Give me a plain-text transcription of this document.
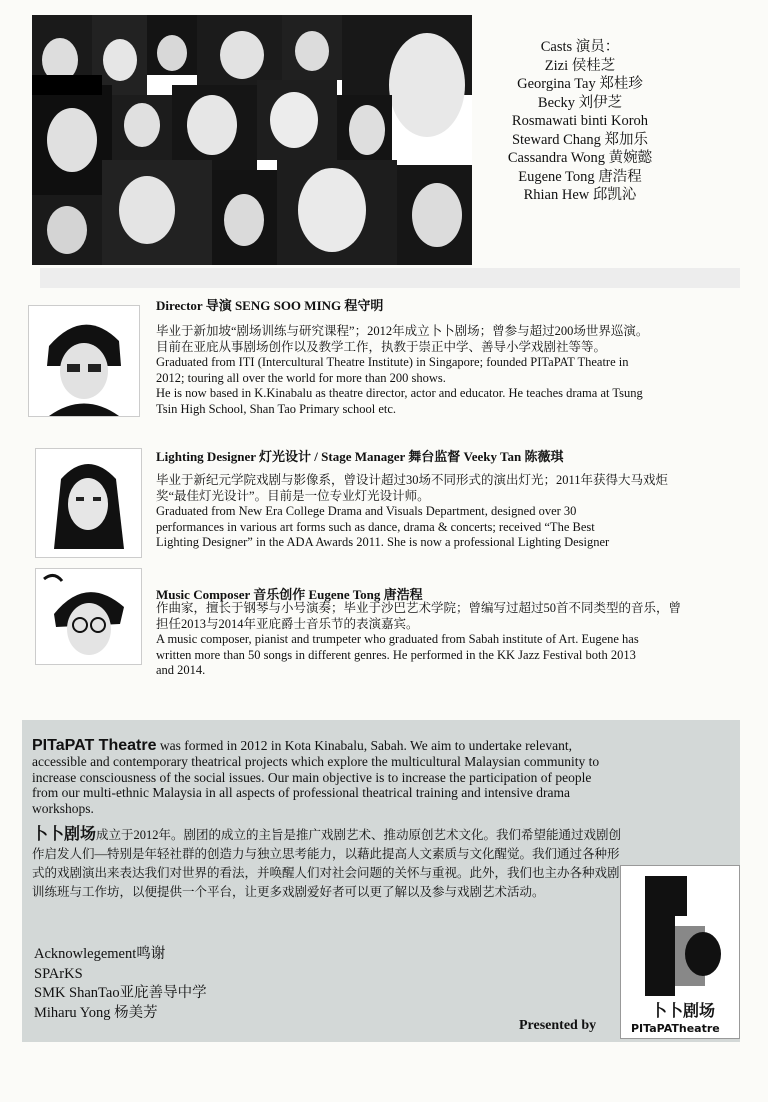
Casts 演员：
Zizi 侯桂芝
Georgina Tay 郑桂珍
Becky 刘伊芝
Rosmawati binti Koroh
Steward Chang 郑加乐
Cassandra Wong 黄婉懿
Eugene Tong 唐浩程
Rhian Hew 邱凯沁
Director 导演 SENG SOO MING 程守明
毕业于新加坡“剧场训练与研究课程”；2012年成立卜卜剧场；曾参与超过200场世界巡演。
目前在亚庇从事剧场创作以及教学工作，执教于崇正中学、善导小学戏剧社等等。
Graduated from ITI (Intercultural Theatre Institute) in Singapore; founded PITaPAT Theatre in
2012; touring all over the world for more than 200 shows.
He is now based in K.Kinabalu as theatre director, actor and educator. He teaches drama at Tsung
Tsin High School, Shan Tao Primary school etc.
Lighting Designer 灯光设计 / Stage Manager 舞台监督 Veeky Tan 陈薇琪
毕业于新纪元学院戏剧与影像系，曾设计超过30场不同形式的演出灯光；2011年获得大马戏炬
奖“最佳灯光设计”。目前是一位专业灯光设计师。
Graduated from New Era College Drama and Visuals Department, designed over 30
performances in various art forms such as dance, drama & concerts; received “The Best
Lighting Designer” in the ADA Awards 2011. She is now a professional Lighting Designer
Music Composer 音乐创作 Eugene Tong 唐浩程
作曲家，擅长于钢琴与小号演奏；毕业于沙巴艺术学院；曾编写过超过50首不同类型的音乐，曾
担任2013与2014年亚庇爵士音乐节的表演嘉宾。
A music composer, pianist and trumpeter who graduated from Sabah institute of Art. Eugene has
written more than 50 songs in different genres. He performed in the KK Jazz Festival both 2013
and 2014.
PITaPAT Theatre was formed in 2012 in Kota Kinabalu, Sabah. We aim to undertake relevant,
accessible and contemporary theatrical projects which explore the multicultural Malaysian community to
increase consciousness of the social issues. Our main objective is to increase the participation of people
from our multi-ethnic Malaysia in all aspects of professional theatrical training and intensive drama
workshops.
卜卜剧场成立于2012年。剧团的成立的主旨是推广戏剧艺术、推动原创艺术文化。我们希望能通过戏剧创
作启发人们—特别是年轻社群的创造力与独立思考能力，以藉此提高人文素质与文化醒觉。我们通过各种形
式的戏剧演出来表达我们对世界的看法，并唤醒人们对社会问题的关怀与重视。此外，我们也主办各种戏剧
训练班与工作坊，以便提供一个平台，让更多戏剧爱好者可以更了解以及参与戏剧艺术活动。
Acknowlegement鸣谢
SPArKS
SMK ShanTao亚庇善导中学
Miharu Yong 杨美芳
Presented by
卜卜剧场
PITaPATheatre
